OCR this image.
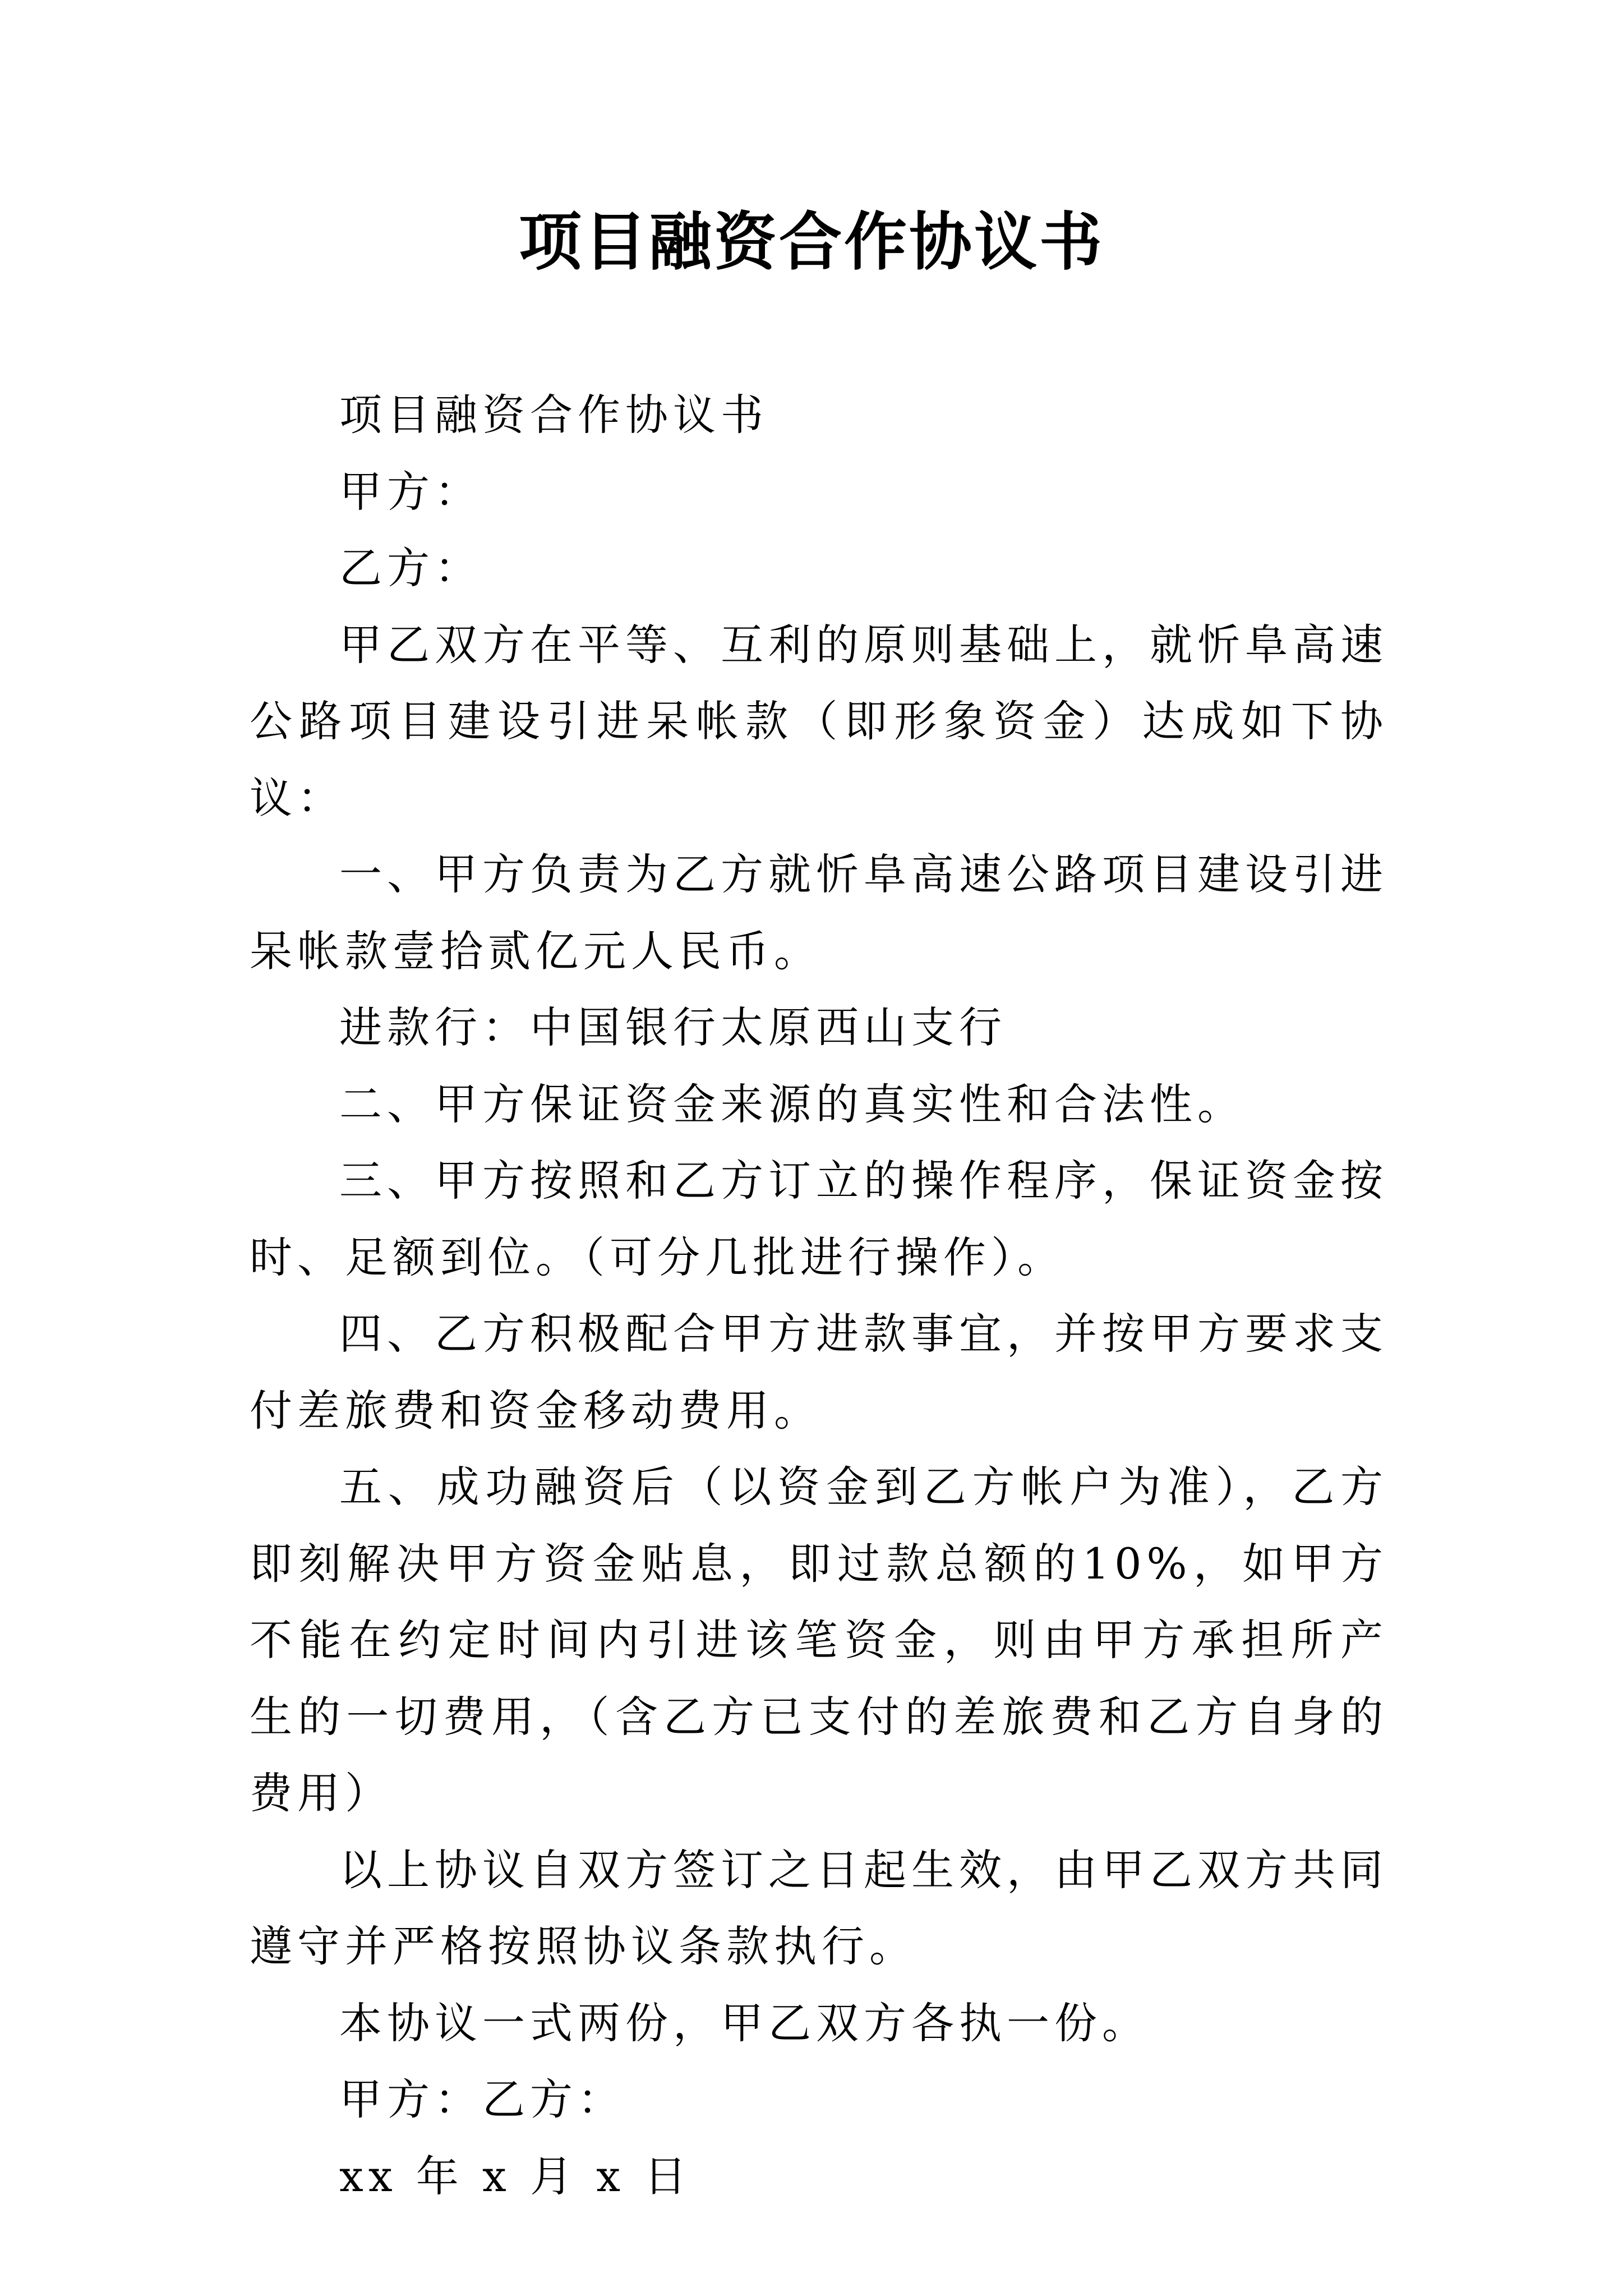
项目融资合作协议书

项目融资合作协议书

甲方：

乙方：

甲乙双方在平等、互利的原则基础上，就忻阜高速公路项目建设引进呆帐款（即形象资金）达成如下协议：

一、甲方负责为乙方就忻阜高速公路项目建设引进呆帐款壹拾贰亿元人民币。

进款行：中国银行太原西山支行

二、甲方保证资金来源的真实性和合法性。

三、甲方按照和乙方订立的操作程序，保证资金按时、足额到位。（可分几批进行操作）。

四、乙方积极配合甲方进款事宜，并按甲方要求支付差旅费和资金移动费用。

五、成功融资后（以资金到乙方帐户为准），乙方即刻解决甲方资金贴息，即过款总额的10%，如甲方不能在约定时间内引进该笔资金，则由甲方承担所产生的一切费用，（含乙方已支付的差旅费和乙方自身的费用）

以上协议自双方签订之日起生效，由甲乙双方共同遵守并严格按照协议条款执行。

本协议一式两份，甲乙双方各执一份。

甲方：乙方：

xx 年 x 月 x 日
